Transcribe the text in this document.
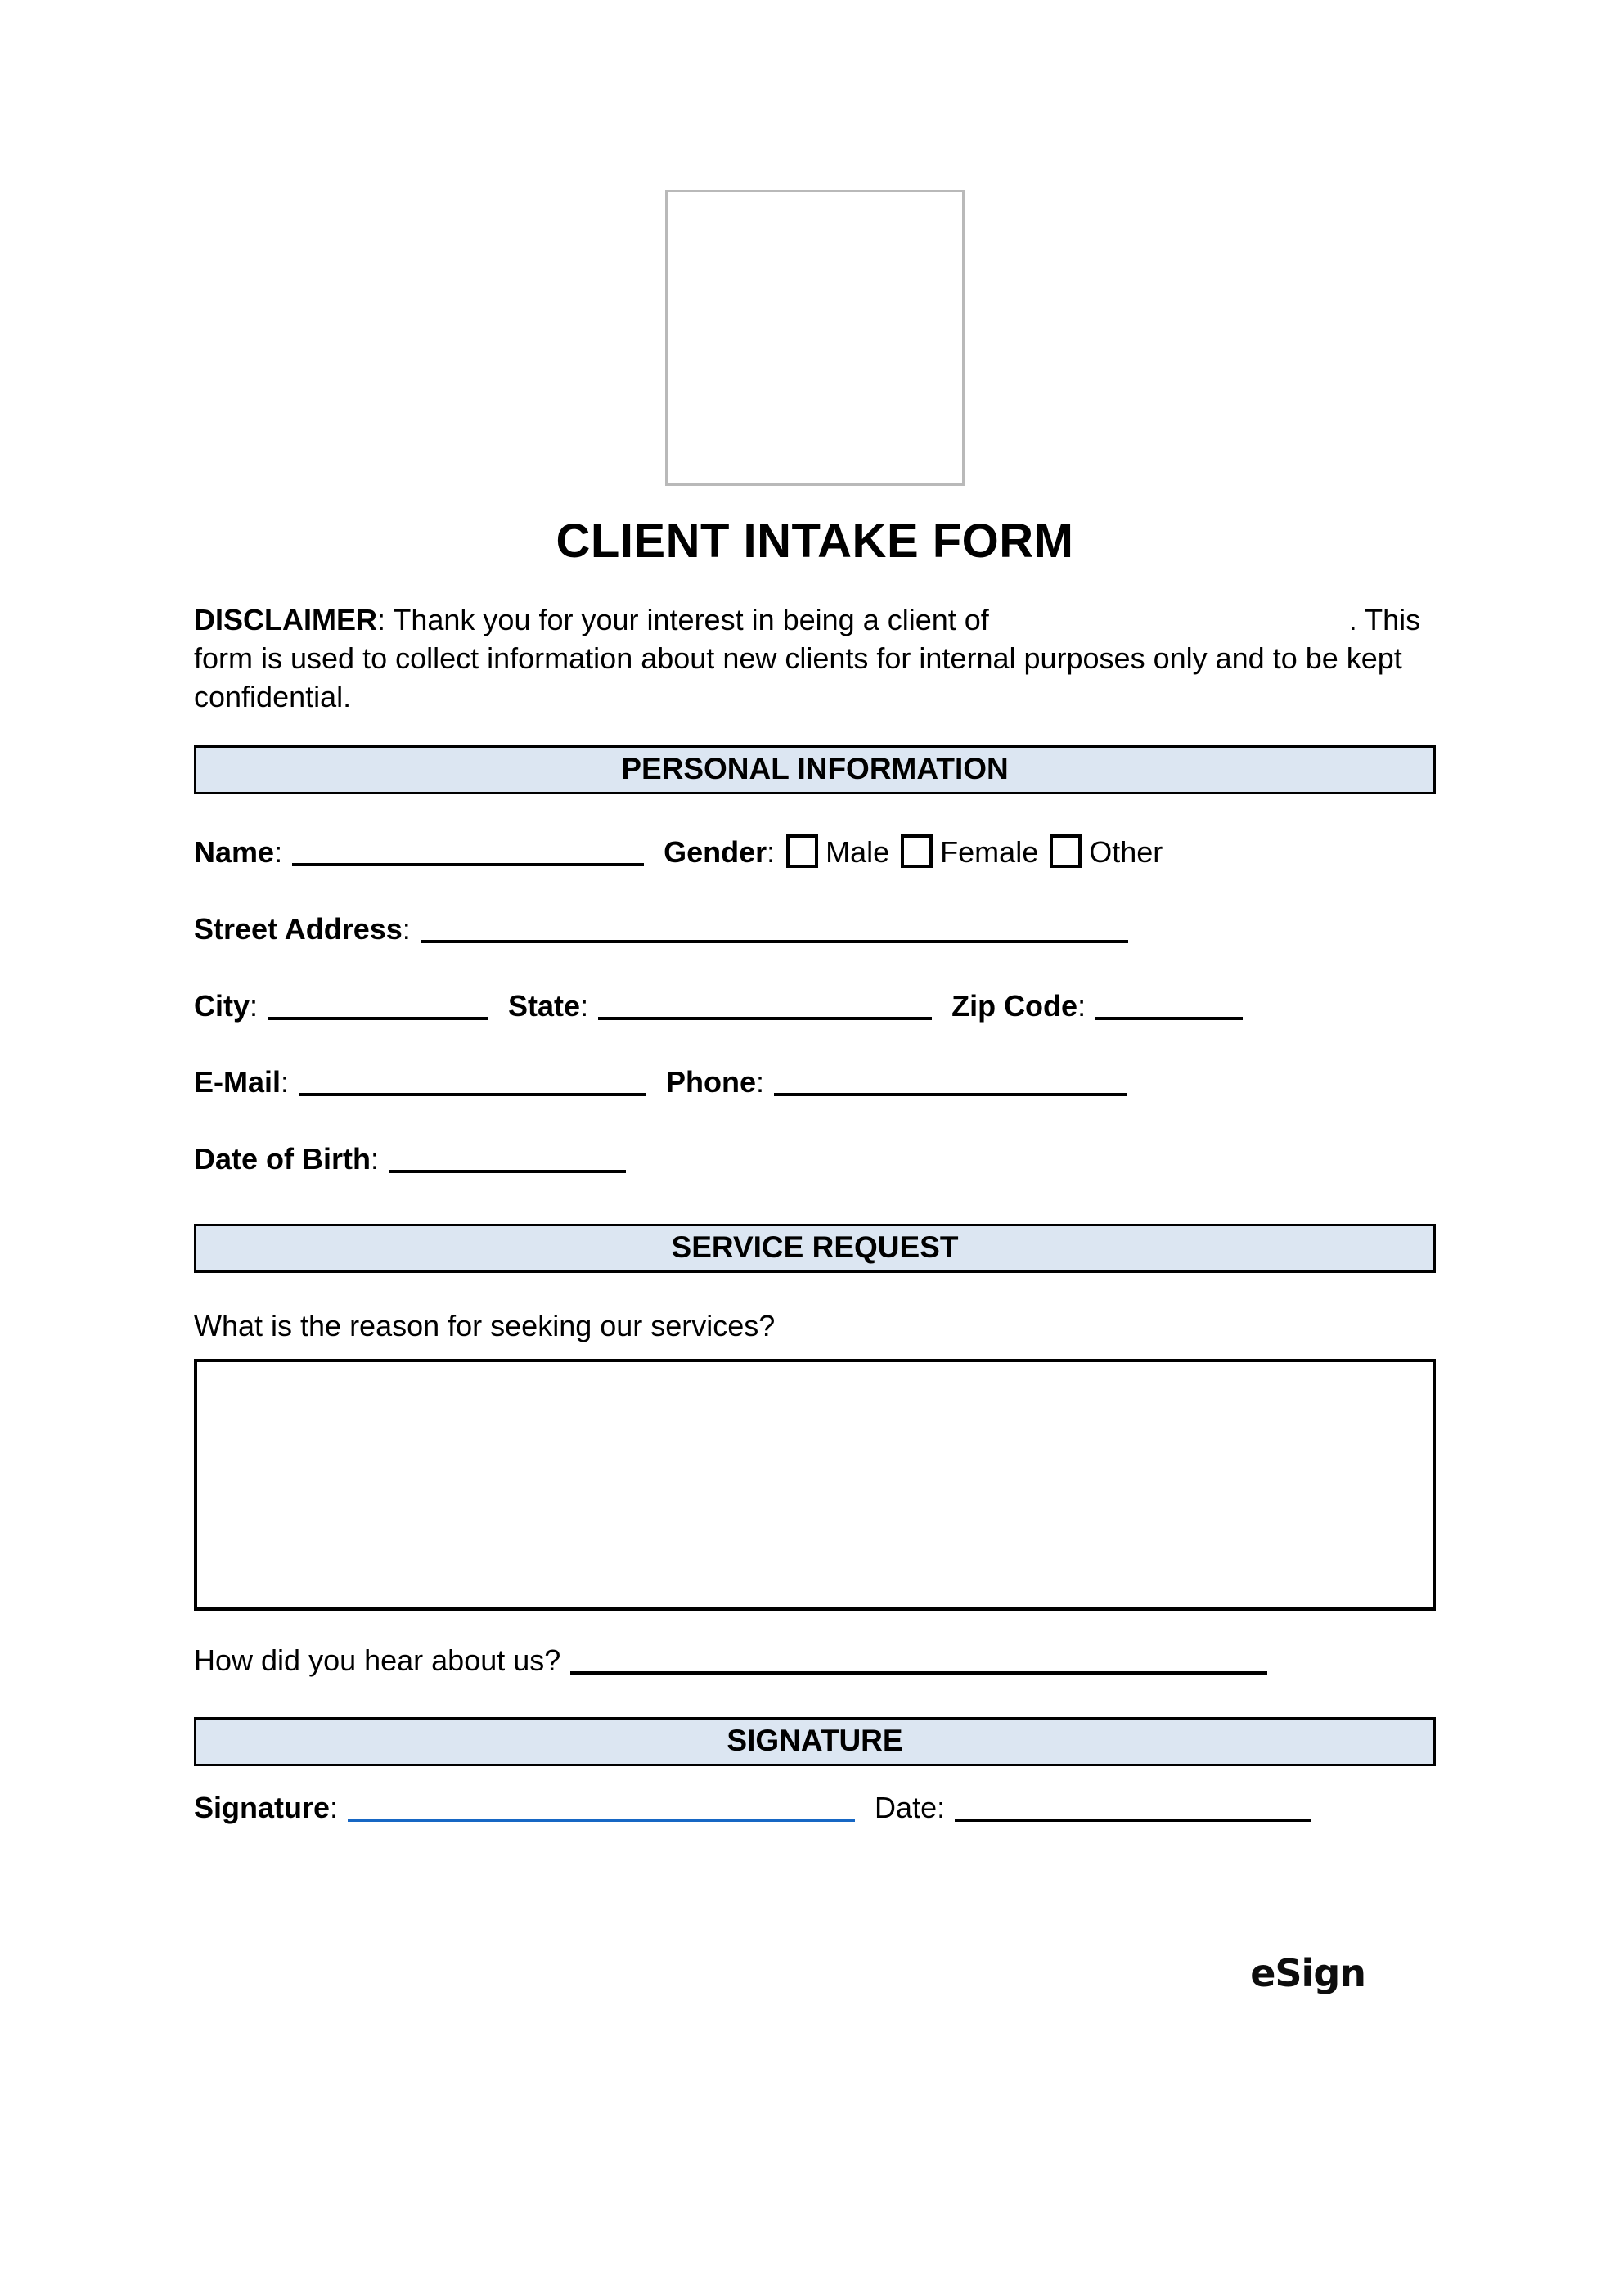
CLIENT INTAKE FORM

DISCLAIMER: Thank you for your interest in being a client of	. This form is used to collect information about new clients for internal purposes only and to be kept confidential.

PERSONAL INFORMATION
Name:	Gender: Male Female Other
Street Address:
City:	State:	Zip Code:
E-Mail:	Phone:
Date of Birth:
SERVICE REQUEST
What is the reason for seeking our services?
How did you hear about us?
SIGNATURE
Signature:	Date:
eSign
